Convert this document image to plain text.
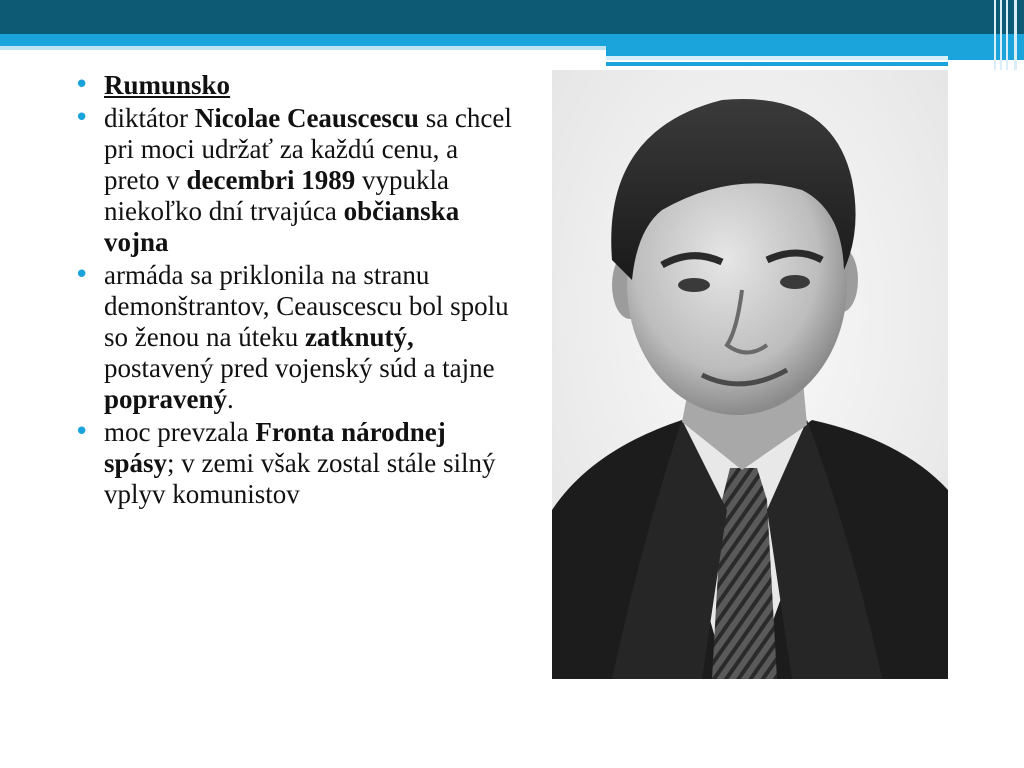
• Rumunsko
• diktátor Nicolae Ceauscescu sa chcel pri moci udržať za každú cenu, a preto v decembri 1989 vypukla niekoľko dní trvajúca občianska vojna
• armáda sa priklonila na stranu demonštrantov, Ceauscescu bol spolu so ženou na úteku zatknutý, postavený pred vojenský súd a tajne popravený.
• moc prevzala Fronta národnej spásy; v zemi však zostal stále silný vplyv komunistov
